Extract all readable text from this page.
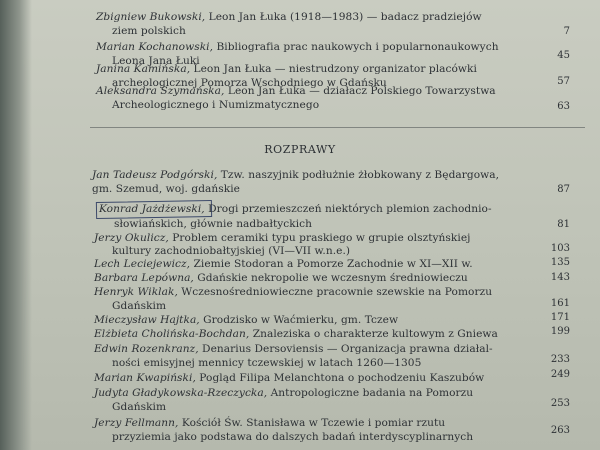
Zbigniew Bukowski, Leon Jan Łuka (1918—1983) — badacz pradziejów
ziem polskich	7
Marian Kochanowski, Bibliografia prac naukowych i popularnonaukowych
Leona Jana Łuki	45
Janina Kamińska, Leon Jan Łuka — niestrudzony organizator placówki
archeologicznej Pomorza Wschodniego w Gdańsku	57
Aleksandra Szymańska, Leon Jan Łuka — działacz Polskiego Towarzystwa
Archeologicznego i Numizmatycznego	63
ROZPRAWY
Jan Tadeusz Podgórski, Tzw. naszyjnik podłużnie żłobkowany z Będargowa,
gm. Szemud, woj. gdańskie	87
Konrad Jażdżewski, Drogi przemieszczeń niektórych plemion zachodnio-
słowiańskich, głównie nadbałtyckich	81
Jerzy Okulicz, Problem ceramiki typu praskiego w grupie olsztyńskiej
kultury zachodniobałtyjskiej (VI—VII w.n.e.)	103
Lech Leciejewicz, Ziemie Stodoran a Pomorze Zachodnie w XI—XII w.	135
Barbara Lepówna, Gdańskie nekropolie we wczesnym średniowieczu	143
Henryk Wiklak, Wczesnośredniowieczne pracownie szewskie na Pomorzu
Gdańskim	161
Mieczysław Hajtka, Grodzisko w Waćmierku, gm. Tczew	171
Elżbieta Cholińska-Bochdan, Znaleziska o charakterze kultowym z Gniewa	199
Edwin Rozenkranz, Denarius Dersoviensis — Organizacja prawna działal-
ności emisyjnej mennicy tczewskiej w latach 1260—1305	233
Marian Kwapiński, Pogląd Filipa Melanchtona o pochodzeniu Kaszubów	249
Judyta Gładykowska-Rzeczycka, Antropologiczne badania na Pomorzu
Gdańskim	253
Jerzy Fellmann, Kościół Św. Stanisława w Tczewie i pomiar rzutu
przyziemia jako podstawa do dalszych badań interdyscyplinarnych
263
